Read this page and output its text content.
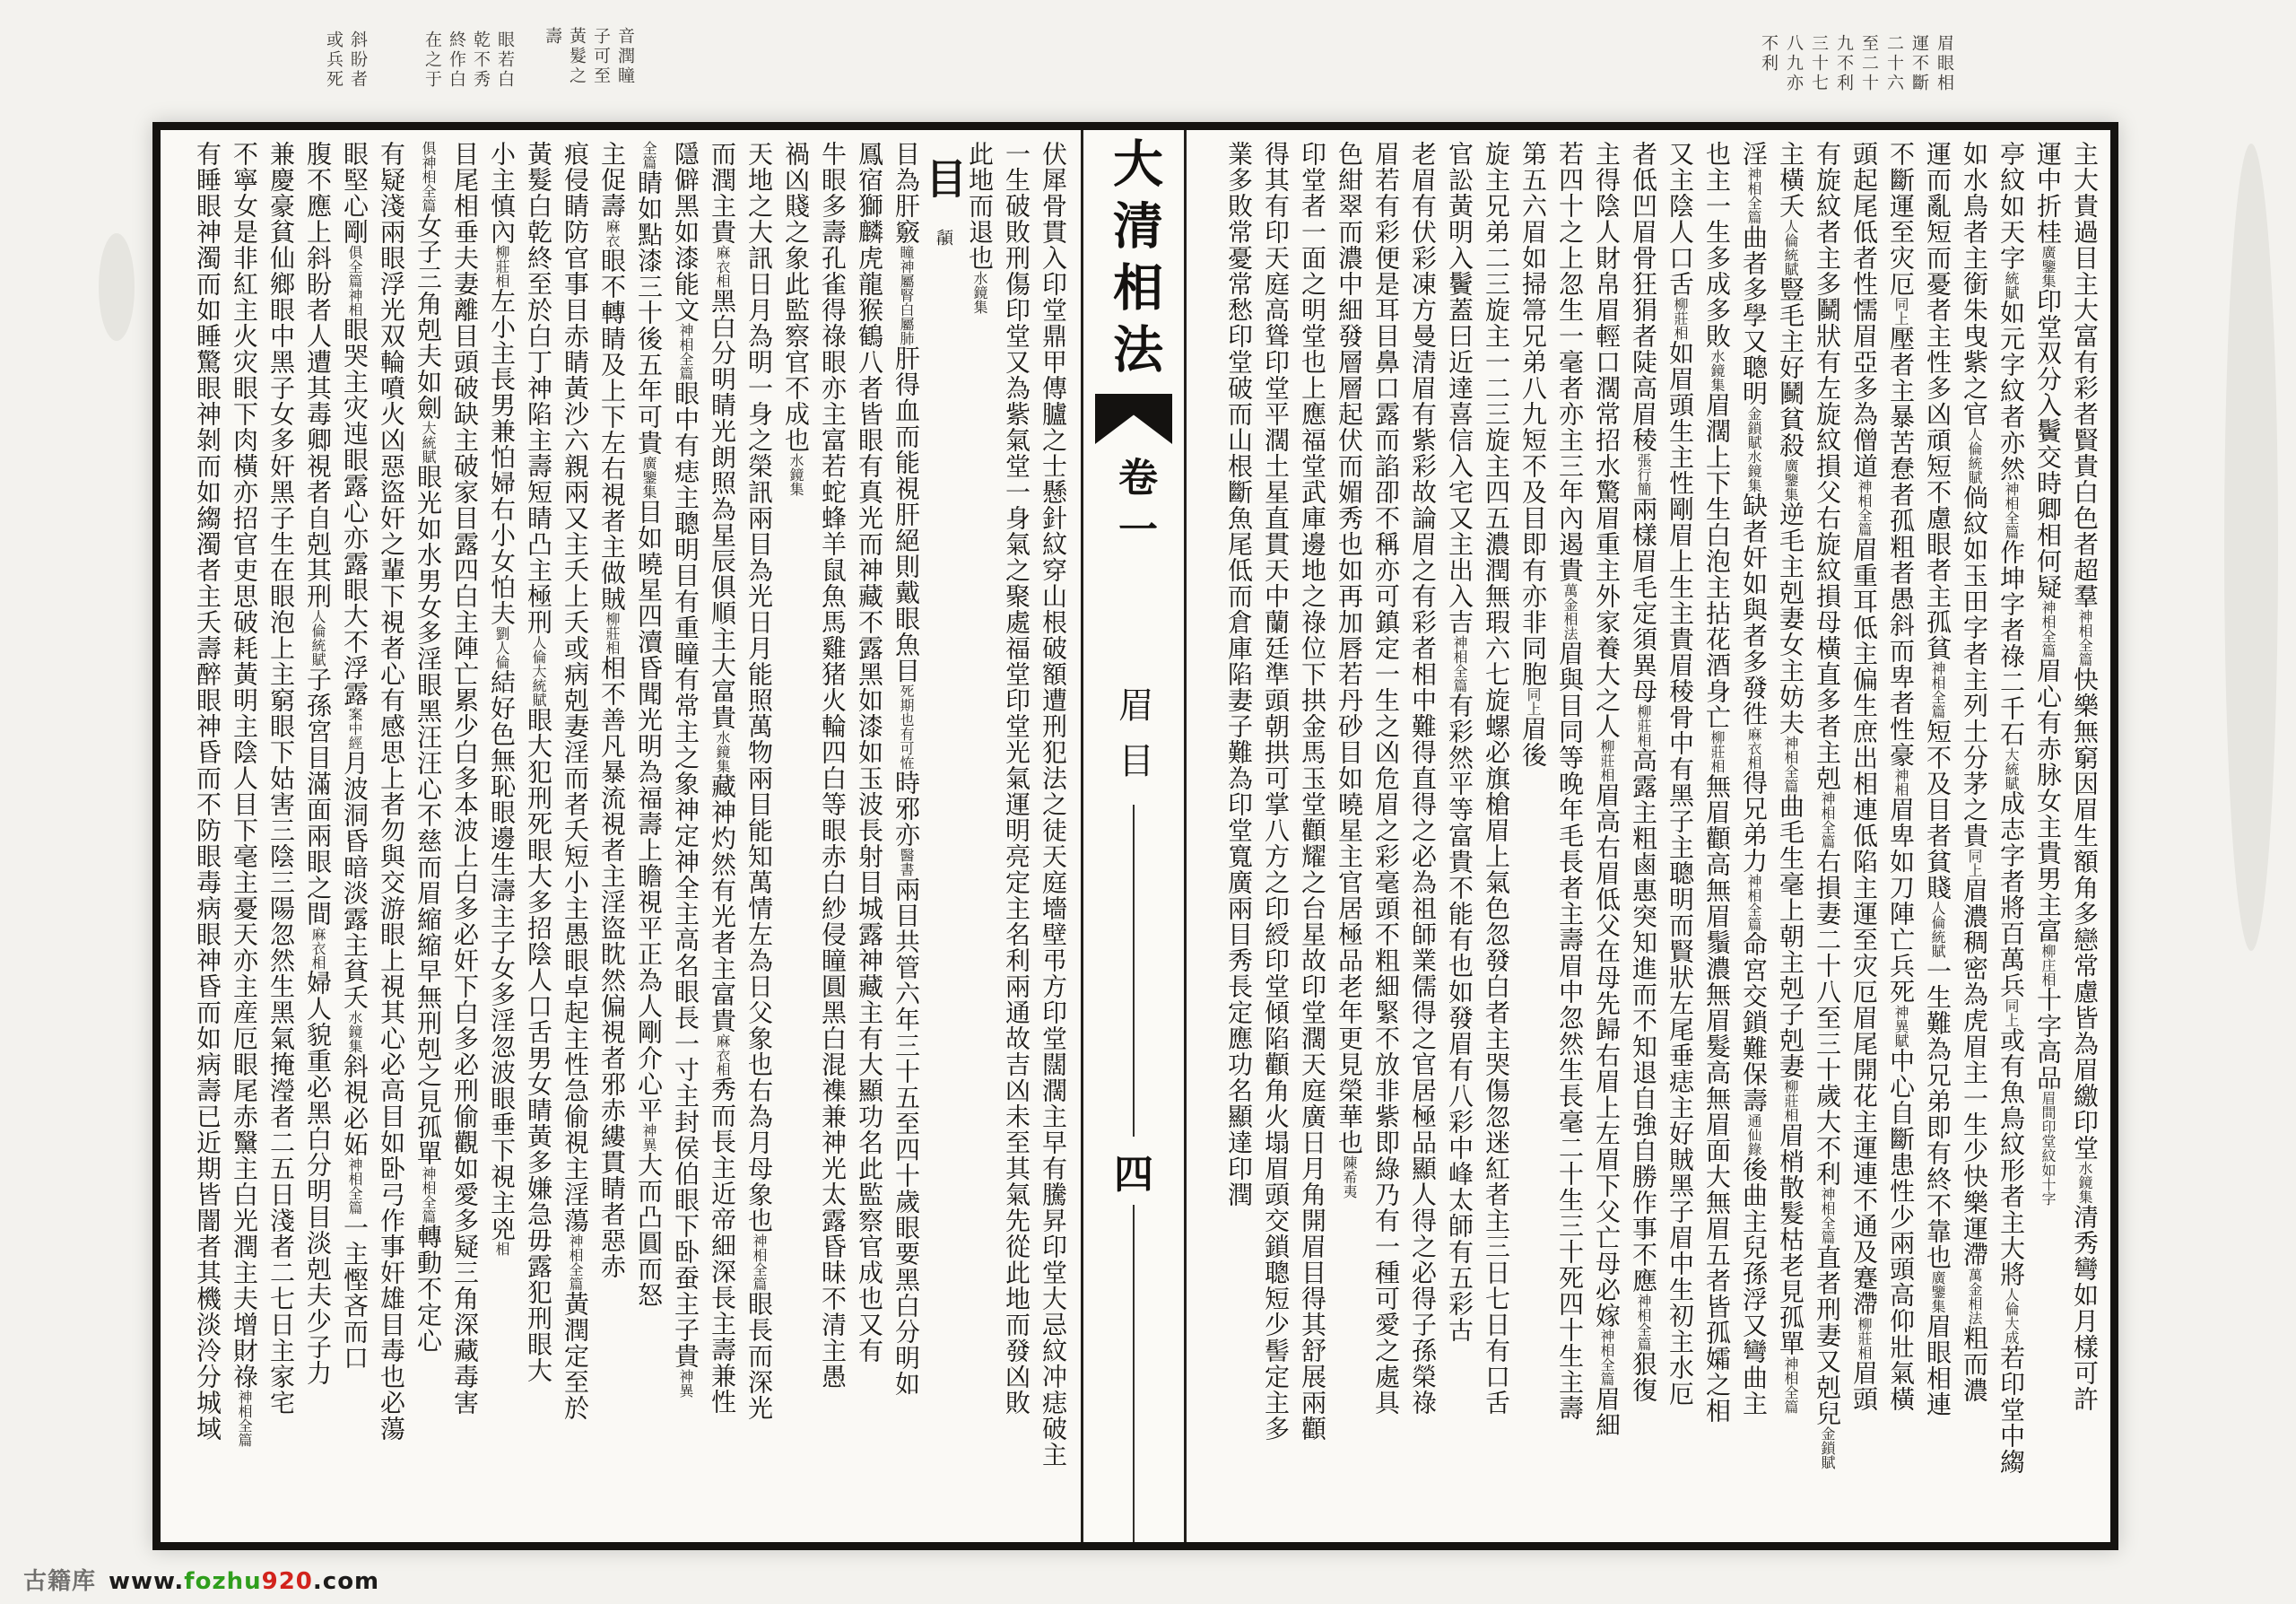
斜盼者
或兵死	眼若白
乾不秀
終作白
在之于	音潤瞳
子可至
黃髮之
壽	眉眼相
運不斷
二十六
至二十
九不利
三十七
八九亦
不利
主大貴過目主大富有彩者賢貴白色者超羣神相全篇快樂無窮因眉生額角多戀常慮皆為眉繳印堂水鏡集清秀彎如月樣可許
運中折桂廣鑒集印堂双分入鬢交時卿相何疑神相全篇眉心有赤脉女主貴男主富柳庄相十字高品眉間印堂紋如十字
亭紋如天字統賦如元字紋者亦然神相全篇作坤字者祿二千石大統賦成志字者將百萬兵同上或有魚鳥紋形者主大將人倫大成若印堂中縐
如水鳥者主銜朱曳紫之官人倫統賦倘紋如玉田字者主列土分茅之貴同上眉濃稠密為虎眉主一生少快樂運滯萬金相法粗而濃
運而亂短而憂者主性多凶頑短不慮眼者主孤貧神相全篇短不及目者貧賤人倫統賦一生難為兄弟即有終不靠也廣鑒集眉眼相連
不斷運至灾厄同上壓者主暴苦惷者孤粗者愚斜而卑者性豪神相眉卑如刀陣亡兵死神異賦中心自斷患性少兩頭高仰壯氣橫
頭起尾低者性懦眉亞多為僧道神相全篇眉重耳低主偏生庶出相連低陷主運至灾厄眉尾開花主運連不通及蹇滯柳莊相眉頭
有旋紋者主多鬭狀有左旋紋損父右旋紋損母橫直多者主剋神相全篇右損妻二十八至三十歲大不利神相全篇直者刑妻又剋兒金鎖賦
主橫夭人倫統賦豎毛主好鬭貧殺廣鑒集逆毛主剋妻女主妨夫神相全篇曲毛生毫上朝主剋子剋妻柳莊相眉梢散髮枯老見孤單神相全篇
淫神相全篇曲者多學又聰明金鎖賦水鏡集缺者奸如與者多發徃麻衣相得兄弟力神相全篇命宮交鎖難保壽通仙錄後曲主兒孫浮又彎曲主
也主一生多成多敗水鏡集眉濶上下生白泡主拈花酒身亡柳莊相無眉顴高無眉鬚濃無眉髮高無眉面大無眉五者皆孤孀之相
又主陰人口舌柳莊相如眉頭生主性剛眉上生主貴眉稜骨中有黑子主聰明而賢狀左尾垂痣主好賊黑子眉中生初主水厄
者低凹眉骨狂狷者陡高眉稜張行簡兩樣眉毛定須異母柳莊相高露主粗鹵惠突知進而不知退自強自勝作事不應神相全篇狠復
主得陰人財帛眉輕口濶常招水驚眉重主外家養大之人柳莊相眉高右眉低父在母先歸右眉上左眉下父亡母必嫁神相全篇眉細
若四十之上忽生一毫者亦主三年內遏貴萬金相法眉與目同等晚年毛長者主壽眉中忽然生長毫二十生三十死四十生主壽
第五六眉如掃箒兄弟八九短不及目即有亦非同胞同上眉後
旋主兄弟二三旋主一二三旋主四五濃潤無瑕六七旋螺必旗槍眉上氣色忽發白者主哭傷忽迷紅者主三日七日有口舌
官訟黃明入鬢蓋曰近達喜信入宅又主出入吉神相全篇有彩然平等富貴不能有也如發眉有八彩中峰太師有五彩古
老眉有伏彩凍方曼清眉有紫彩故論眉之有彩者相中難得直得之必為祖師業儒得之官居極品顯人得之必得子孫榮祿
眉若有彩便是耳目鼻口露而諂卲不稱亦可鎮定一生之凶危眉之彩毫頭不粗細緊不放非紫即綠乃有一種可愛之處具
色紺翠而濃中細發層層起伏而媚秀也如再加唇若丹砂目如曉星主官居極品老年更見榮華也陳希夷
印堂者一面之明堂也上應福堂武庫邊地之祿位下拱金馬玉堂顴耀之台星故印堂濶天庭廣日月角開眉目得其舒展兩顴
得其有印天庭高聳印堂平濶土星直貫天中蘭廷準頭朝拱可掌八方之印綬印堂傾陷顴角火塌眉頭交鎖聰短少髻定主多
業多敗常憂常愁印堂破而山根斷魚尾低而倉庫陷妻子難為印堂寬廣兩目秀長定應功名顯達印潤
大清相法
卷一
眉目
四
伏犀骨貫入印堂鼎甲傳臚之士懸針紋穿山根破額遭刑犯法之徒天庭墻壁弔方印堂闊濶主早有騰昇印堂大忌紋冲痣破主
一生破敗刑傷印堂又為紫氣堂一身氣之聚處福堂印堂光氣運明亮定主名利兩通故吉凶未至其氣先從此地而發凶敗
此地而退也水鏡集
目䫇
目為肝竅瞳神屬腎白屬肺肝得血而能視肝絕則戴眼魚目死期也有可恠時邪亦醫書兩目共管六年三十五至四十歲眼要黑白分明如
鳳宿獅麟虎龍猴鶴八者皆眼有真光而神藏不露黑如漆如玉波長射目城露神藏主有大顯功名此監察官成也又有
牛眼多壽孔雀得祿眼亦主富若蛇蜂羊鼠魚馬雞猪火輪四白等眼赤白紗侵瞳圓黑白混襍兼神光太露昏昧不清主愚
禍凶賤之象此監察官不成也水鏡集
天地之大訊日月為明一身之榮訊兩目為光日月能照萬物兩目能知萬情左為日父象也右為月母象也神相全篇眼長而深光
而潤主貴麻衣相黑白分明睛光朗照為星辰俱順主大富貴水鏡集藏神灼然有光者主富貴麻衣相秀而長主近帝細深長主壽兼性
隱僻黑如漆能文神相全篇眼中有痣主聰明目有重瞳有常主之象神定神全主高名眼長一寸主封侯伯眼下卧蚕主子貴神異
全篇睛如點漆三十後五年可貴廣鑒集目如曉星四瀆昏聞光明為福壽上瞻視平正為人剛介心平神異大而凸圓而怒
主促壽麻衣眼不轉睛及上下左右視者主做賊柳莊相相不善凡暴流視者主淫盜眈然偏視者邪赤縷貫睛者惡赤
痕侵睛防官事目赤睛黃沙六親兩又主夭上夭或病剋妻淫而者夭短小主愚眼卓起主性急偷視主淫蕩神相全篇黃潤定至於
黃髮白乾終至於白丁神陷主壽短睛凸主極刑人倫大統賦眼大犯刑死眼大多招陰人口舌男女睛黃多嫌急毋露犯刑眼大
小主慎內柳莊相左小主長男兼怕婦右小女怕夫劉人倫結好色無恥眼邊生濤主子女多淫忽波眼垂下視主兇相
目尾相垂夫妻離目頭破缺主破家目露四白主陣亡累少白多本波上白多必奸下白多必刑偷觀如愛多疑三角深藏毒害
俱神相全篇女子三角剋夫如劍大統賦眼光如水男女多淫眼黑汪汪心不慈而眉縮縮早無刑剋之見孤單神相全篇轉動不定心
有疑淺兩眼浮光双輪噴火凶惡盜奸之輩下視者心有感思上者勿與交游眼上視其心必高目如卧弓作事奸雄目毒也必蕩
眼堅心剛俱全篇神相眼哭主灾迍眼露心亦露眼大不浮露案中經月波洞昏暗淡露主貧夭水鏡集斜視必妬神相全篇一主慳吝而口
腹不應上斜盼者人遭其毒卿視者自剋其刑人倫統賦子孫宮目滿面兩眼之間麻衣相婦人貌重必黑白分明目淡剋夫少子力
兼慶豪貧仙鄉眼中黑子女多奸黑子生在眼泡上主窮眼下姑害三陰三陽忽然生黑氣掩瀅者二五日淺者二七日主家宅
不寧女是非紅主火灾眼下肉橫亦招官吏思破耗黃明主陰人目下毫主憂天亦主産厄眼尾赤黳主白光潤主夫增財祿神相全篇
有睡眼神濁而如睡驚眼神剝而如縐濁者主夭壽醉眼神昏而不防眼毒病眼神昏而如病壽已近期皆闇者其機淡泠分城域
古籍库 www.fozhu920.com
